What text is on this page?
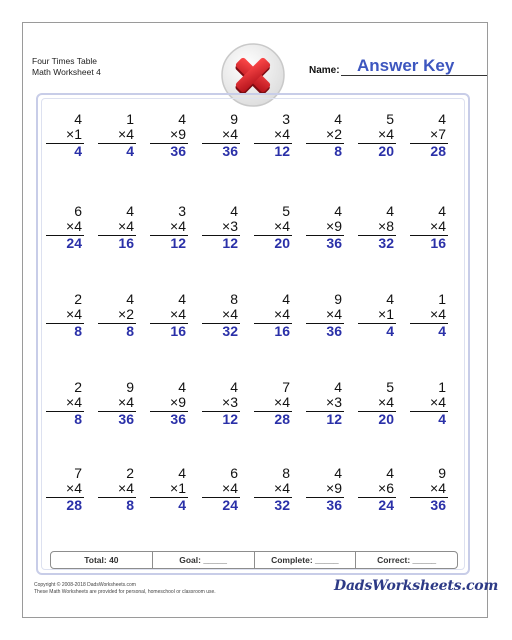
Four Times Table
Math Worksheet 4	Name: Answer Key
4
×1
4
1
×4
4
4
×9
36
9
×4
36
3
×4
12
4
×2
8
5
×4
20
4
×7
28
6
×4
24
4
×4
16
3
×4
12
4
×3
12
5
×4
20
4
×9
36
4
×8
32
4
×4
16
2
×4
8
4
×2
8
4
×4
16
8
×4
32
4
×4
16
9
×4
36
4
×1
4
1
×4
4
2
×4
8
9
×4
36
4
×9
36
4
×3
12
7
×4
28
4
×3
12
5
×4
20
1
×4
4
7
×4
28
2
×4
8
4
×1
4
6
×4
24
8
×4
32
4
×9
36
4
×6
24
9
×4
36
Total: 40	Goal: _____	Complete: _____	Correct: _____
Copyright © 2008-2018 DadsWorksheets.com
These Math Worksheets are provided for personal, homeschool or classroom use.	DadsWorksheets.com
